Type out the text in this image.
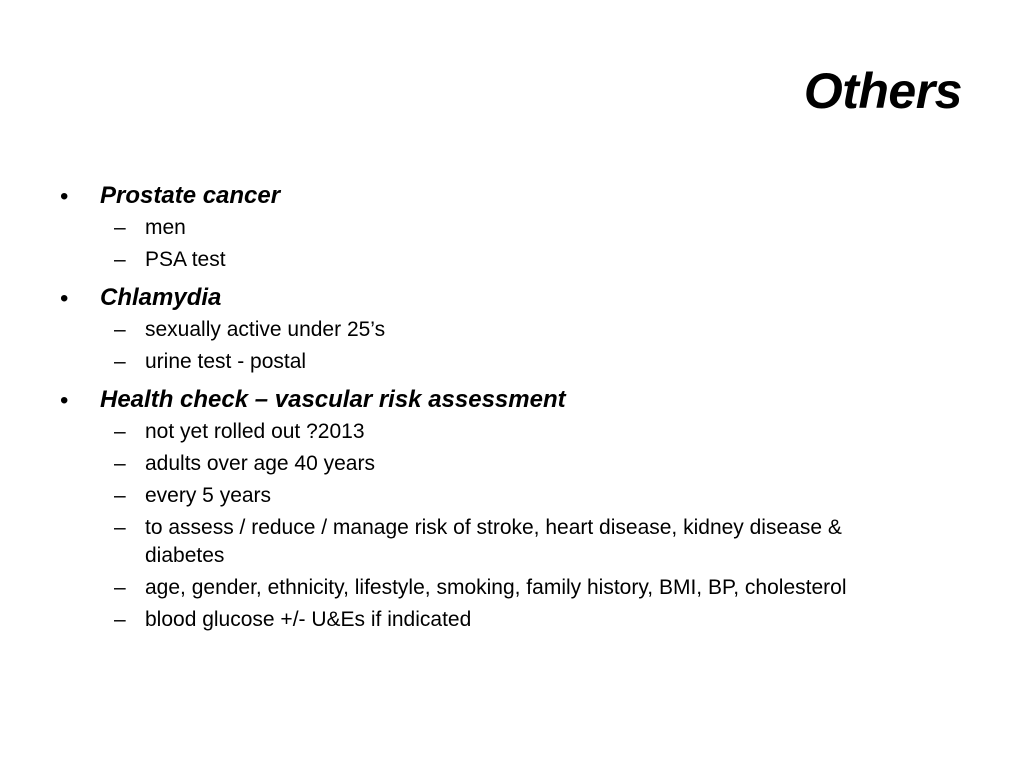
Others
• Prostate cancer
– men
– PSA test
• Chlamydia
– sexually active under 25’s
– urine test - postal
• Health check – vascular risk assessment
– not yet rolled out ?2013
– adults over age 40 years
– every 5 years
– to assess / reduce / manage risk of stroke, heart disease, kidney disease & diabetes
– age, gender, ethnicity, lifestyle, smoking, family history, BMI, BP, cholesterol
– blood glucose +/- U&Es if indicated
